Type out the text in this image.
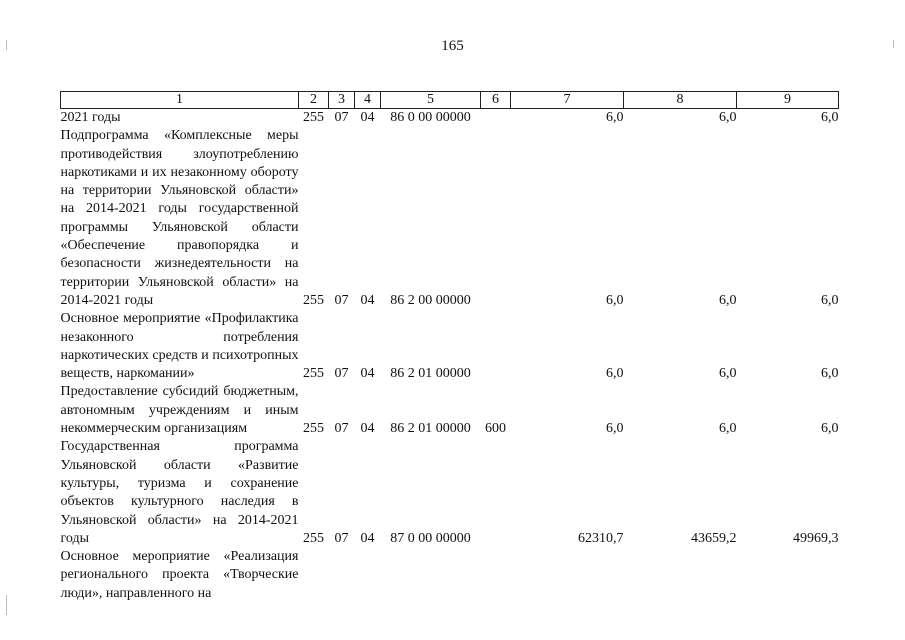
165
1	2	3	4	5	6	7	8	9
2021 годы	255	07	04	86 0 00 00000		6,0	6,0	6,0
Подпрограмма «Комплексные меры противодействия злоупотреблению наркотиками и их незаконному обороту на территории Ульяновской области» на 2014-2021 годы государственной программы Ульяновской области «Обеспечение правопорядка и безопасности жизнедеятельности на территории Ульяновской области» на 2014-2021 годы	255	07	04	86 2 00 00000		6,0	6,0	6,0
Основное мероприятие «Профилактика незаконного потребления наркотических средств и психотропных веществ, наркомании»	255	07	04	86 2 01 00000		6,0	6,0	6,0
Предоставление субсидий бюджетным, автономным учреждениям и иным некоммерческим организациям	255	07	04	86 2 01 00000	600	6,0	6,0	6,0
Государственная программа Ульяновской области «Развитие культуры, туризма и сохранение объектов культурного наследия в Ульяновской области» на 2014-2021 годы	255	07	04	87 0 00 00000		62310,7	43659,2	49969,3
Основное мероприятие «Реализация регионального проекта «Творческие люди», направленного на								
